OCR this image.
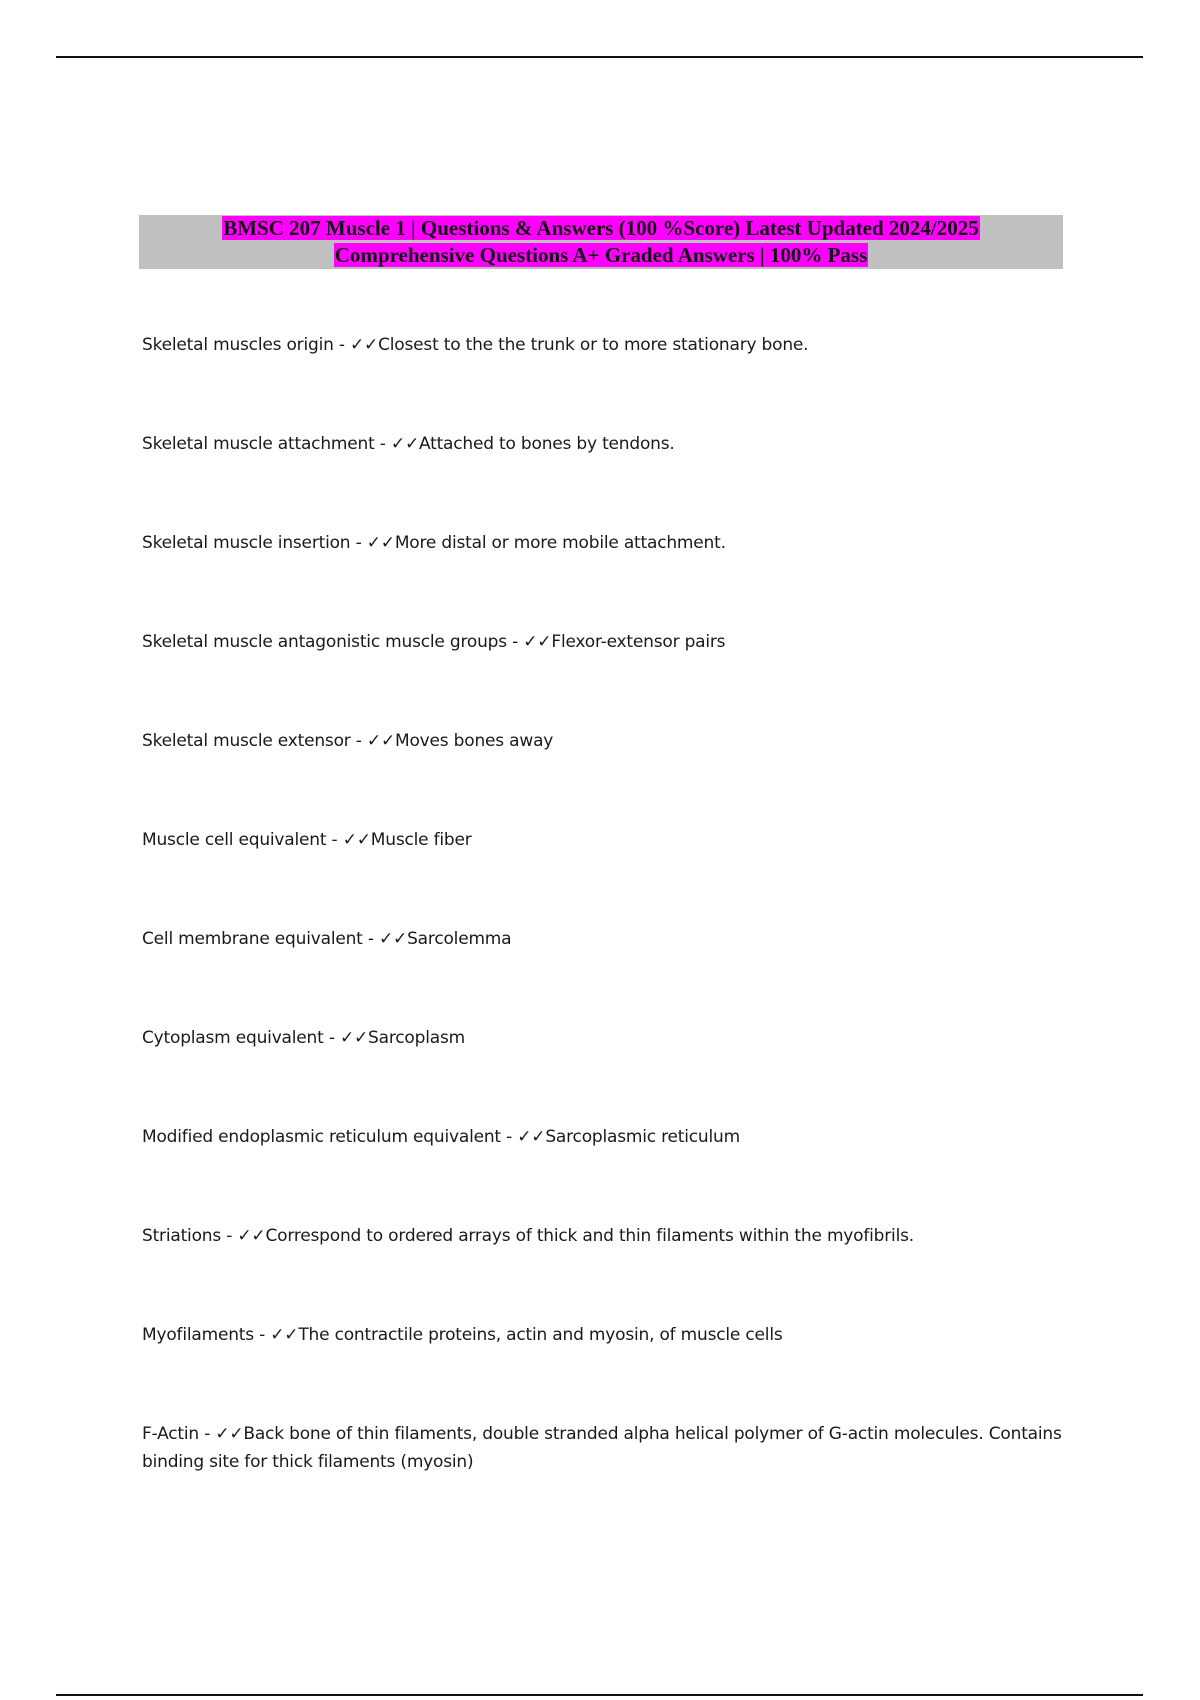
BMSC 207 Muscle 1 | Questions & Answers (100 %Score) Latest Updated 2024/2025
Comprehensive Questions A+ Graded Answers | 100% Pass
Skeletal muscles origin - ✓✓Closest to the the trunk or to more stationary bone.
Skeletal muscle attachment - ✓✓Attached to bones by tendons.
Skeletal muscle insertion - ✓✓More distal or more mobile attachment.
Skeletal muscle antagonistic muscle groups - ✓✓Flexor-extensor pairs
Skeletal muscle extensor - ✓✓Moves bones away
Muscle cell equivalent - ✓✓Muscle fiber
Cell membrane equivalent - ✓✓Sarcolemma
Cytoplasm equivalent - ✓✓Sarcoplasm
Modified endoplasmic reticulum equivalent - ✓✓Sarcoplasmic reticulum
Striations - ✓✓Correspond to ordered arrays of thick and thin filaments within the myofibrils.
Myofilaments - ✓✓The contractile proteins, actin and myosin, of muscle cells
F-Actin - ✓✓Back bone of thin filaments, double stranded alpha helical polymer of G-actin molecules. Contains binding site for thick filaments (myosin)
